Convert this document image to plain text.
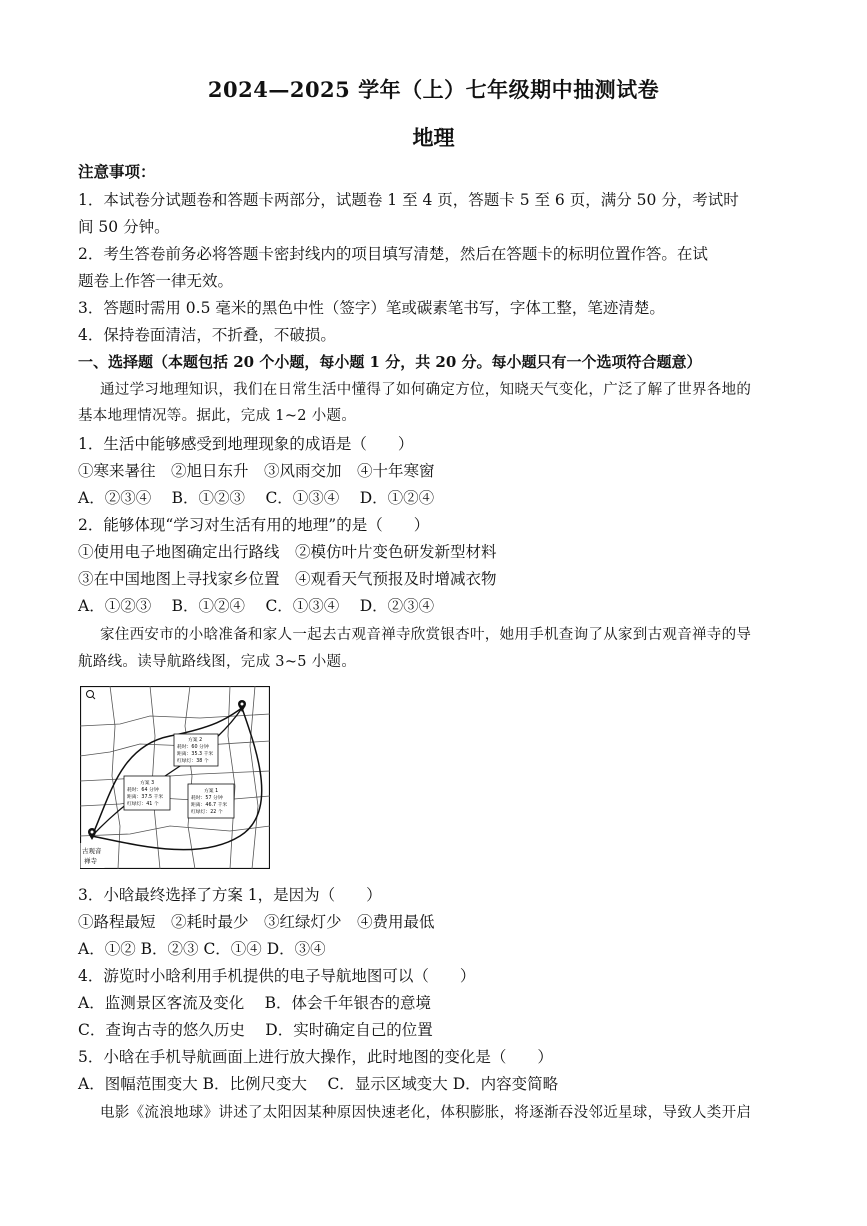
2024—2025 学年（上）七年级期中抽测试卷
地理
注意事项：
1．本试卷分试题卷和答题卡两部分，试题卷 1 至 4 页，答题卡 5 至 6 页，满分 50 分，考试时
间 50 分钟。
2．考生答卷前务必将答题卡密封线内的项目填写清楚，然后在答题卡的标明位置作答。在试
题卷上作答一律无效。
3．答题时需用 0.5 毫米的黑色中性（签字）笔或碳素笔书写，字体工整，笔迹清楚。
4．保持卷面清洁，不折叠，不破损。
一、选择题（本题包括 20 个小题，每小题 1 分，共 20 分。每小题只有一个选项符合题意）
通过学习地理知识，我们在日常生活中懂得了如何确定方位，知晓天气变化，广泛了解了世界各地的
基本地理情况等。据此，完成 1~2 小题。
1．生活中能够感受到地理现象的成语是（　　）
①寒来暑往　②旭日东升　③风雨交加　④十年寒窗
A．②③④　 B．①②③　 C．①③④　 D．①②④
2．能够体现“学习对生活有用的地理”的是（　　）
①使用电子地图确定出行路线　②模仿叶片变色研发新型材料
③在中国地图上寻找家乡位置　④观看天气预报及时增减衣物
A．①②③　 B．①②④　 C．①③④　 D．②③④
家住西安市的小晗准备和家人一起去古观音禅寺欣赏银杏叶，她用手机查询了从家到古观音禅寺的导
航路线。读导航路线图，完成 3~5 小题。
古观音
禅寺
方案 2
耗时：60 分钟
距离：35.3 千米
红绿灯：38 个
方案 3
耗时：64 分钟
距离：37.5 千米
红绿灯：41 个
方案 1
耗时：57 分钟
距离：46.7 千米
红绿灯：22 个
3．小晗最终选择了方案 1，是因为（　　）
①路程最短　②耗时最少　③红绿灯少　④费用最低
A．①② B．②③ C．①④ D．③④
4．游览时小晗利用手机提供的电子导航地图可以（　　）
A．监测景区客流及变化　 B．体会千年银杏的意境
C．查询古寺的悠久历史　 D．实时确定自己的位置
5．小晗在手机导航画面上进行放大操作，此时地图的变化是（　　）
A．图幅范围变大 B．比例尺变大　 C．显示区域变大 D．内容变简略
电影《流浪地球》讲述了太阳因某种原因快速老化，体积膨胀，将逐渐吞没邻近星球，导致人类开启
